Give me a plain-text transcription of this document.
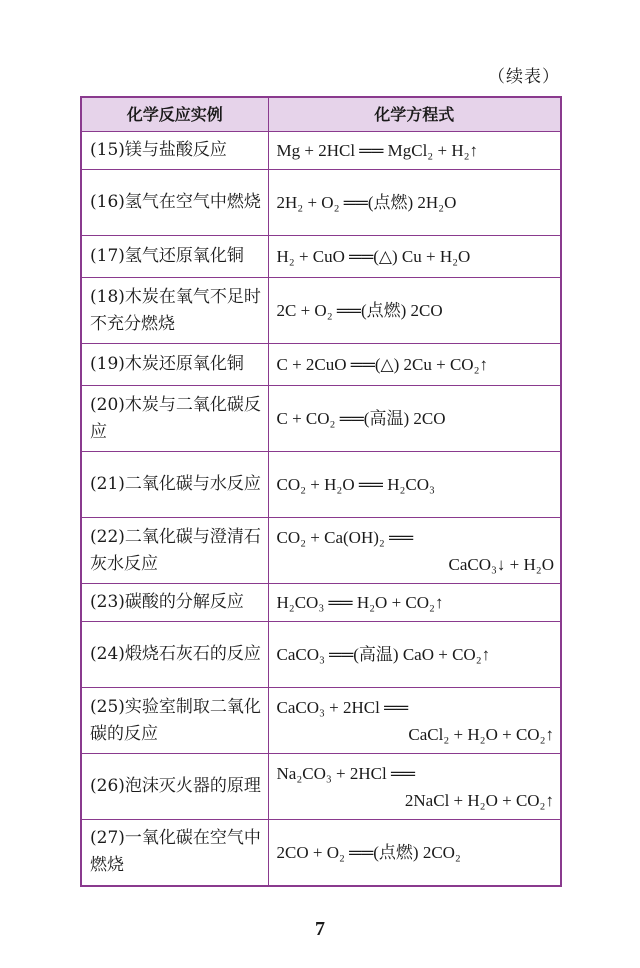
（续表）
化学反应实例	化学方程式
(15)镁与盐酸反应	Mg + 2HCl ══ MgCl₂ + H₂↑

(16)氢气在空气中燃烧	2H₂ + O₂ ══(点燃) 2H₂O

(17)氢气还原氧化铜	H₂ + CuO ══(△) Cu + H₂O

(18)木炭在氧气不足时不充分燃烧	2C + O₂ ══(点燃) 2CO

(19)木炭还原氧化铜	C + 2CuO ══(△) 2Cu + CO₂↑

(20)木炭与二氧化碳反应	C + CO₂ ══(高温) 2CO

(21)二氧化碳与水反应	CO₂ + H₂O ══ H₂CO₃

(22)二氧化碳与澄清石灰水反应	CO₂ + Ca(OH)₂ ══
CaCO₃↓ + H₂O

(23)碳酸的分解反应	H₂CO₃ ══ H₂O + CO₂↑

(24)煅烧石灰石的反应	CaCO₃ ══(高温) CaO + CO₂↑

(25)实验室制取二氧化碳的反应	CaCO₃ + 2HCl ══
CaCl₂ + H₂O + CO₂↑

(26)泡沫灭火器的原理	Na₂CO₃ + 2HCl ══
2NaCl + H₂O + CO₂↑

(27)一氧化碳在空气中燃烧	2CO + O₂ ══(点燃) 2CO₂
7
